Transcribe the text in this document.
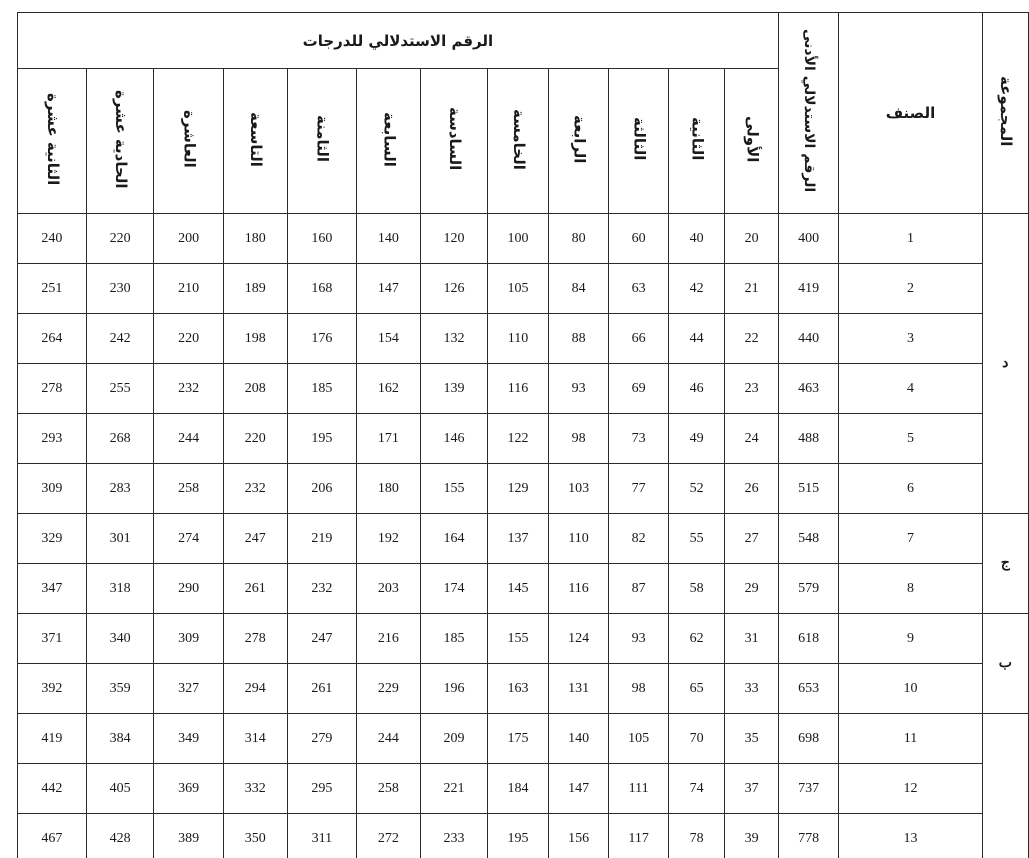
المجموعة	الصنف	الرقم الاستدلالي الأدنى	الرقم الاستدلالي للدرجات											
			الأولى	الثانية	الثالثة	الرابعة	الخامسة	السادسة	السابعة	الثامنة	التاسعة	العاشرة	الحادية عشرة	الثانية عشرة
د	1	400	20	40	60	80	100	120	140	160	180	200	220	240
	2	419	21	42	63	84	105	126	147	168	189	210	230	251
	3	440	22	44	66	88	110	132	154	176	198	220	242	264
	4	463	23	46	69	93	116	139	162	185	208	232	255	278
	5	488	24	49	73	98	122	146	171	195	220	244	268	293
	6	515	26	52	77	103	129	155	180	206	232	258	283	309
ج	7	548	27	55	82	110	137	164	192	219	247	274	301	329
	8	579	29	58	87	116	145	174	203	232	261	290	318	347
ب	9	618	31	62	93	124	155	185	216	247	278	309	340	371
	10	653	33	65	98	131	163	196	229	261	294	327	359	392
	11	698	35	70	105	140	175	209	244	279	314	349	384	419
	12	737	37	74	111	147	184	221	258	295	332	369	405	442
	13	778	39	78	117	156	195	233	272	311	350	389	428	467
